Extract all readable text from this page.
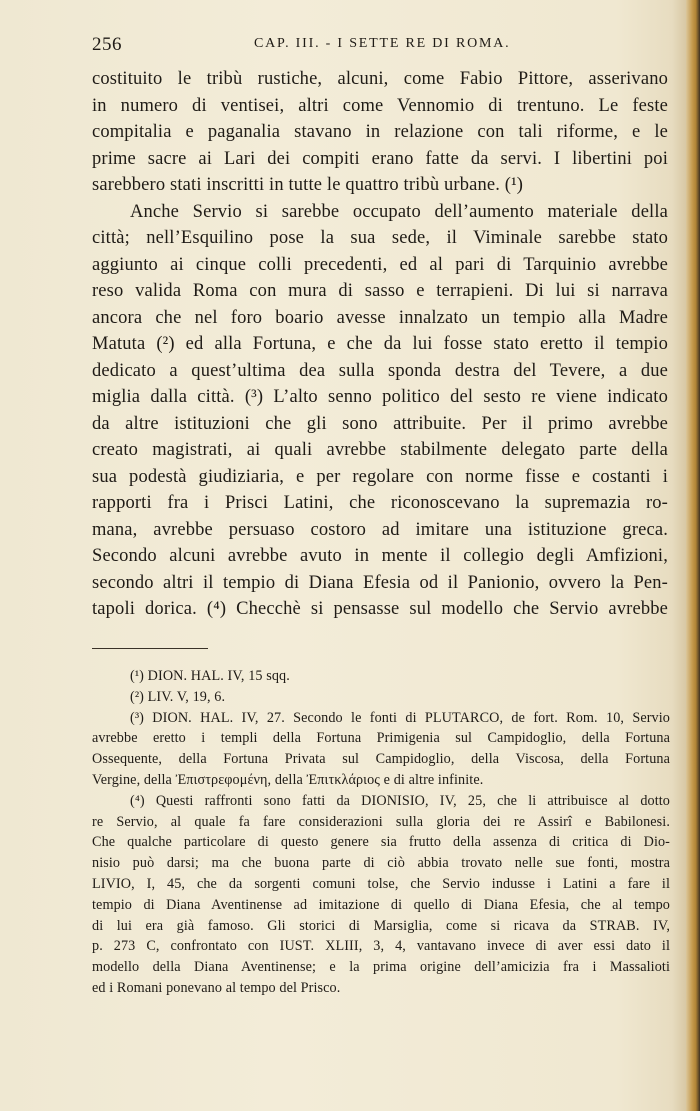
256	CAP. III. - I SETTE RE DI ROMA.
costituito le tribù rustiche, alcuni, come Fabio Pittore, asserivano
in numero di ventisei, altri come Vennomio di trentuno. Le feste
compitalia e paganalia stavano in relazione con tali riforme, e le
prime sacre ai Lari dei compiti erano fatte da servi. I libertini poi
sarebbero stati inscritti in tutte le quattro tribù urbane. (¹)
Anche Servio si sarebbe occupato dell’aumento materiale della
città; nell’Esquilino pose la sua sede, il Viminale sarebbe stato
aggiunto ai cinque colli precedenti, ed al pari di Tarquinio avrebbe
reso valida Roma con mura di sasso e terrapieni. Di lui si narrava
ancora che nel foro boario avesse innalzato un tempio alla Madre
Matuta (²) ed alla Fortuna, e che da lui fosse stato eretto il tempio
dedicato a quest’ultima dea sulla sponda destra del Tevere, a due
miglia dalla città. (³) L’alto senno politico del sesto re viene indicato
da altre istituzioni che gli sono attribuite. Per il primo avrebbe
creato magistrati, ai quali avrebbe stabilmente delegato parte della
sua podestà giudiziaria, e per regolare con norme fisse e costanti i
rapporti fra i Prisci Latini, che riconoscevano la supremazia ro-
mana, avrebbe persuaso costoro ad imitare una istituzione greca.
Secondo alcuni avrebbe avuto in mente il collegio degli Amfizioni,
secondo altri il tempio di Diana Efesia od il Panionio, ovvero la Pen-
tapoli dorica. (⁴) Checchè si pensasse sul modello che Servio avrebbe
(¹) DION. HAL. IV, 15 sqq.
(²) LIV. V, 19, 6.
(³) DION. HAL. IV, 27. Secondo le fonti di PLUTARCO, de fort. Rom. 10, Servio
avrebbe eretto i templi della Fortuna Primigenia sul Campidoglio, della Fortuna
Ossequente, della Fortuna Privata sul Campidoglio, della Viscosa, della Fortuna
Vergine, della Ἐπιστρεφομένη, della Ἐπιτκλάριος e di altre infinite.
(⁴) Questi raffronti sono fatti da DIONISIO, IV, 25, che li attribuisce al dotto
re Servio, al quale fa fare considerazioni sulla gloria dei re Assirî e Babilonesi.
Che qualche particolare di questo genere sia frutto della assenza di critica di Dio-
nisio può darsi; ma che buona parte di ciò abbia trovato nelle sue fonti, mostra
LIVIO, I, 45, che da sorgenti comuni tolse, che Servio indusse i Latini a fare il
tempio di Diana Aventinense ad imitazione di quello di Diana Efesia, che al tempo
di lui era già famoso. Gli storici di Marsiglia, come si ricava da STRAB. IV,
p. 273 C, confrontato con IUST. XLIII, 3, 4, vantavano invece di aver essi dato il
modello della Diana Aventinense; e la prima origine dell’amicizia fra i Massalioti
ed i Romani ponevano al tempo del Prisco.
